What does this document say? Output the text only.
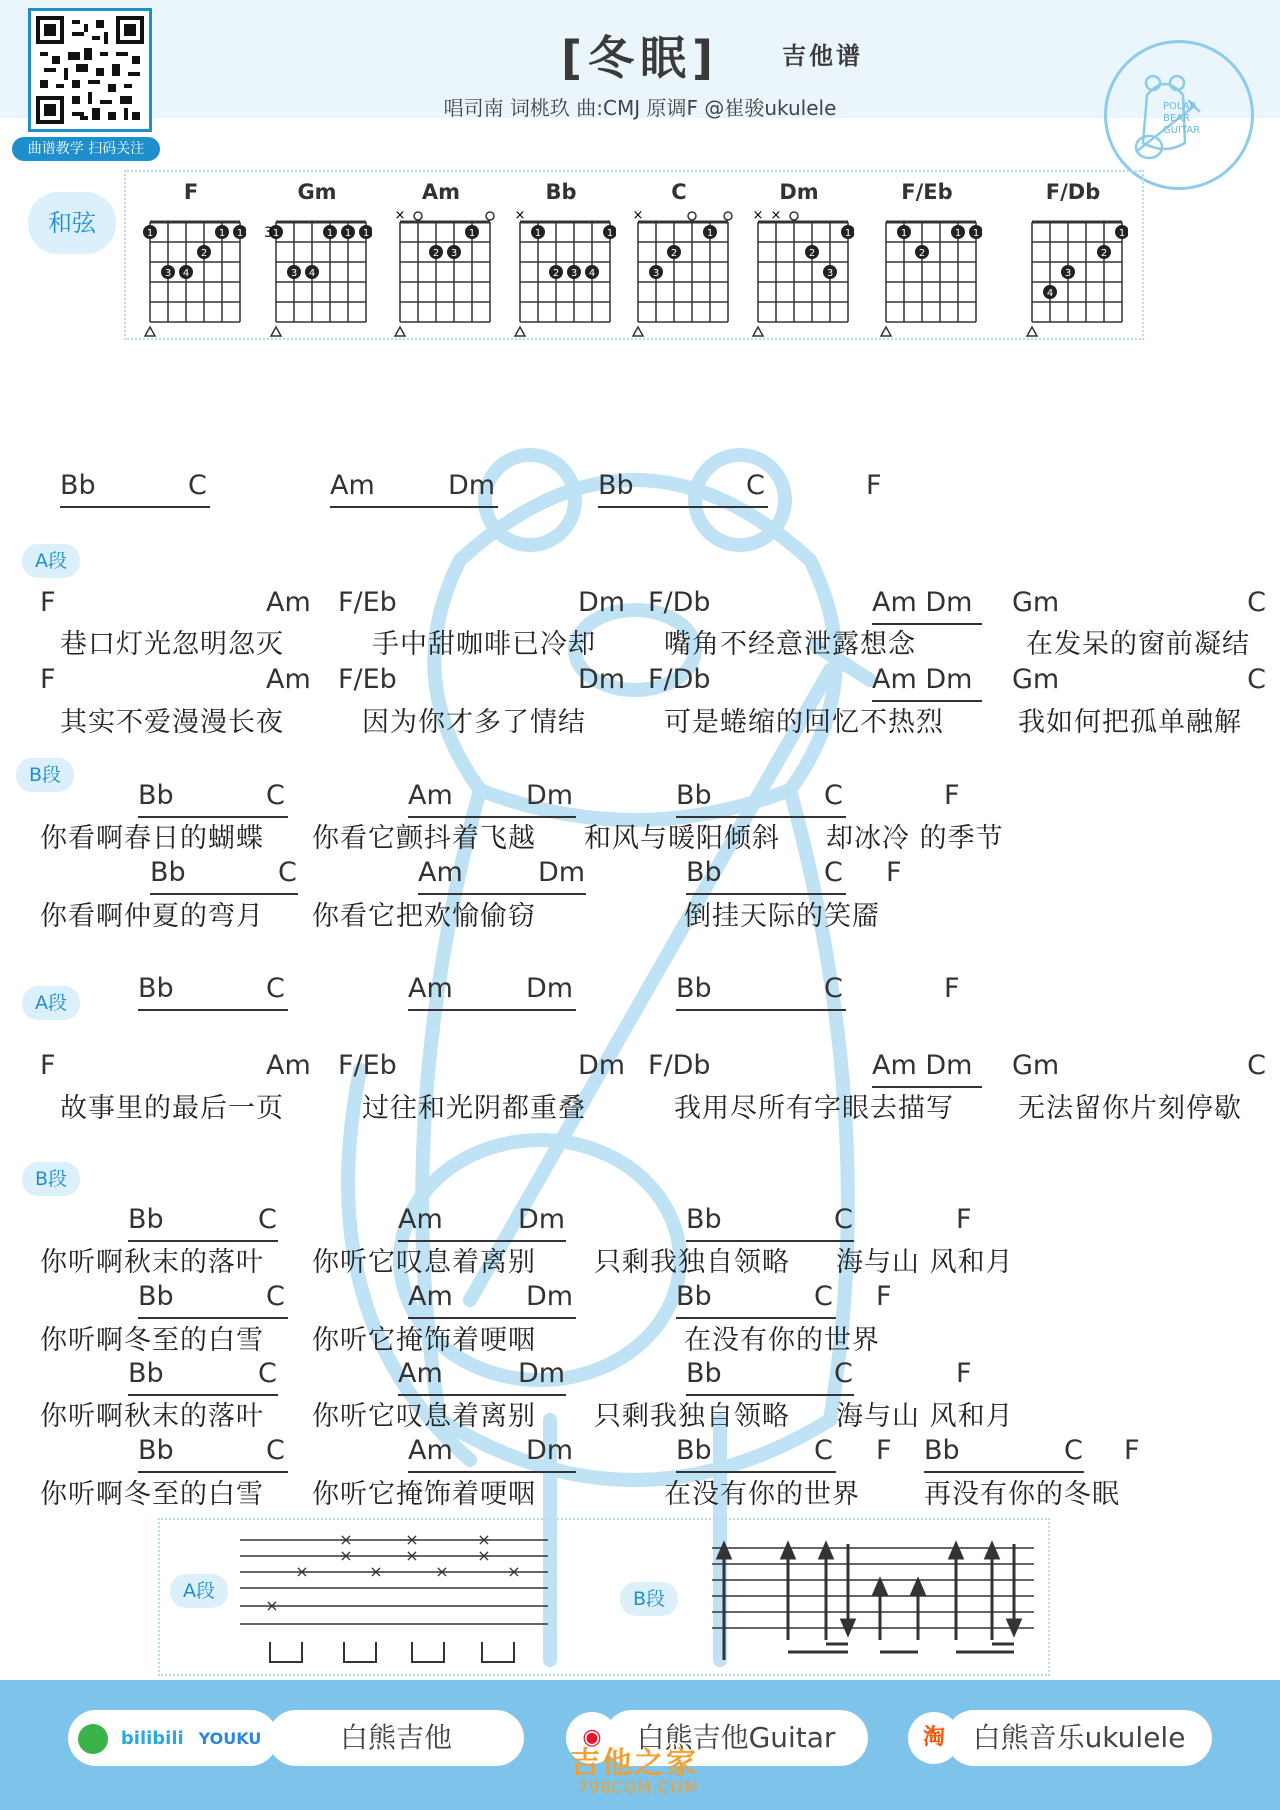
曲谱教学 扫码关注
[冬眠]	吉他谱
唱司南 词桃玖 曲:CMJ 原调F @崔骏ukulele	POLAR
BEAR
GUITAR
和弦
F
1	1 1
2
3 4
Gm
1	1 1 1
3 4
3
Am
×
1
2 3
Bb
×
1	1
2 3 4
C
×
1
2
3
Dm
× ×
1
2
3
F/Eb
1	1 1
2
F/Db
1
2
3
4
Bb	C	Am	Dm	Bb	C	F
A段
F	Am F/Eb	Dm F/Db	Am Dm Gm	C
巷口灯光忽明忽灭	手中甜咖啡已冷却	嘴角不经意泄露想念	在发呆的窗前凝结
F	Am F/Eb	Dm F/Db	Am Dm Gm	C
其实不爱漫漫长夜	因为你才多了情结	可是蜷缩的回忆不热烈	我如何把孤单融解
B段
Bb	C	Am	Dm	Bb	C	F
你看啊春日的蝴蝶 你看它颤抖着飞越 和风与暖阳倾斜 却冰冷 的季节
Bb	C	Am	Dm	Bb	C F
你看啊仲夏的弯月 你看它把欢愉偷窃	倒挂天际的笑靥
A段	Bb	C	Am	Dm	Bb	C	F
F	Am F/Eb	Dm F/Db	Am Dm Gm	C
故事里的最后一页	过往和光阴都重叠	我用尽所有字眼去描写 无法留你片刻停歇
B段
Bb	C	Am	Dm	Bb	C	F
你听啊秋末的落叶 你听它叹息着离别 只剩我独自领略 海与山 风和月
Bb	C	Am	Dm	Bb	C F
你听啊冬至的白雪 你听它掩饰着哽咽	在没有你的世界
Bb	C	Am	Dm	Bb	C	F
你听啊秋末的落叶 你听它叹息着离别 只剩我独自领略 海与山 风和月
Bb	C	Am	Dm	Bb	C F Bb	C F
你听啊冬至的白雪 你听它掩饰着哽咽	在没有你的世界 再没有你的冬眠
A段	B段
×
×
×
×
×
×
×
×
×
×
×
bilibili YOUKU	白熊吉他	◉	白熊吉他Guitar	淘 白熊音乐ukulele
吉他之家
798COM.COM
